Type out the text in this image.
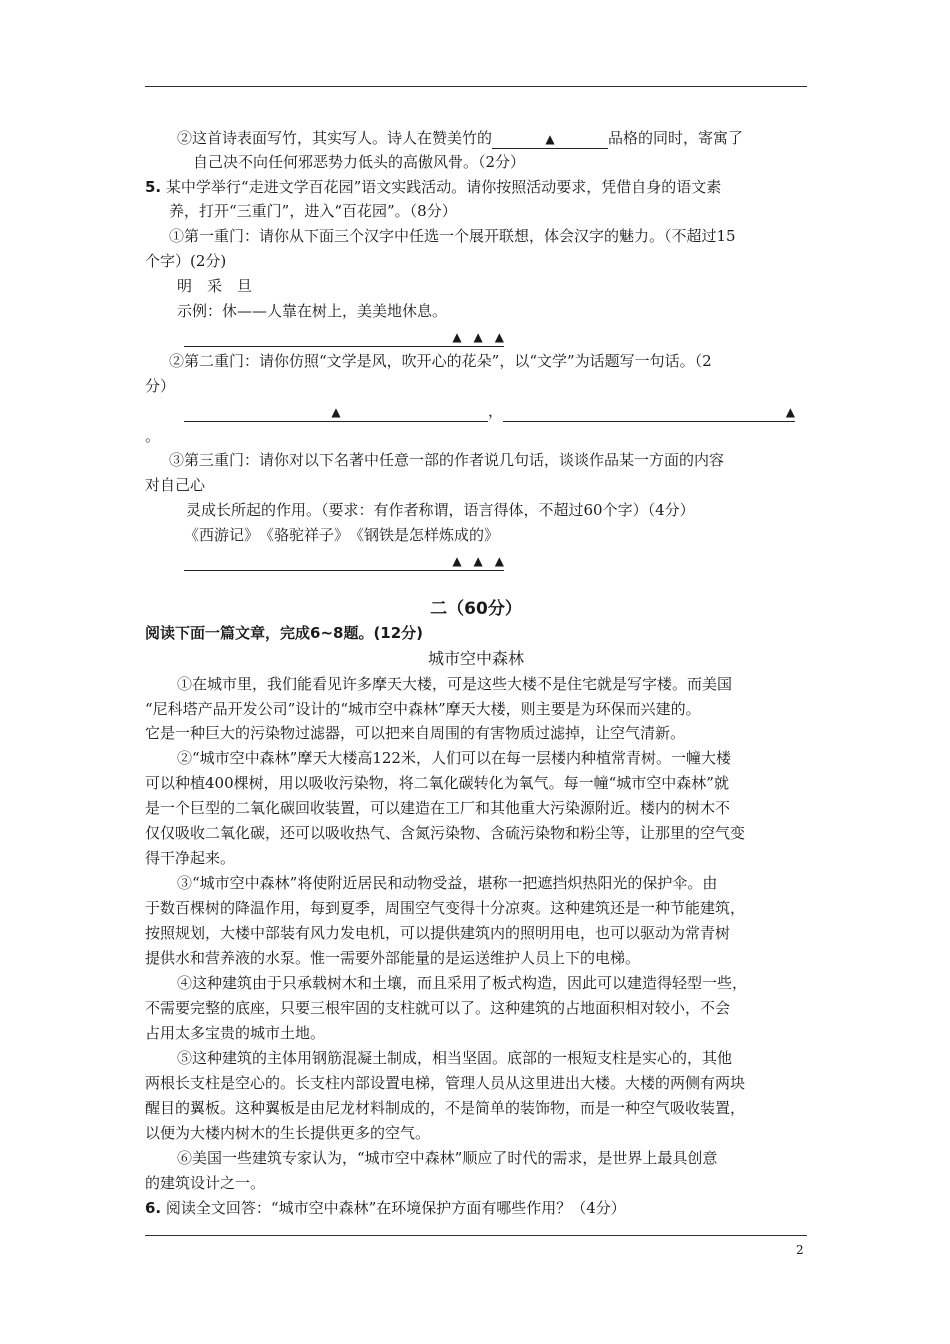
②这首诗表面写竹，其实写人。诗人在赞美竹的	▲	品格的同时，寄寓了
自己决不向任何邪恶势力低头的高傲风骨。（2分）
5. 某中学举行“走进文学百花园”语文实践活动。请你按照活动要求，凭借自身的语文素
养，打开“三重门”，进入“百花园”。（8分）
①第一重门：请你从下面三个汉字中任选一个展开联想，体会汉字的魅力。（不超过15
个字）(2分)
明　采　旦
示例：休——人靠在树上，美美地休息。
▲　▲　▲
②第二重门：请你仿照“文学是风，吹开心的花朵”，以“文学”为话题写一句话。（2
分）
▲	，	▲
。
③第三重门：请你对以下名著中任意一部的作者说几句话，谈谈作品某一方面的内容
对自己心
灵成长所起的作用。（要求：有作者称谓，语言得体，不超过60个字）（4分）
《西游记》　《骆驼祥子》　《钢铁是怎样炼成的》
▲　▲　▲
二（60分）
阅读下面一篇文章，完成6~8题。(12分)
城市空中森林
①在城市里，我们能看见许多摩天大楼，可是这些大楼不是住宅就是写字楼。而美国
“尼科塔产品开发公司”设计的“城市空中森林”摩天大楼，则主要是为环保而兴建的。
它是一种巨大的污染物过滤器，可以把来自周围的有害物质过滤掉，让空气清新。
②“城市空中森林”摩天大楼高122米，人们可以在每一层楼内种植常青树。一幢大楼
可以种植400棵树，用以吸收污染物，将二氧化碳转化为氧气。每一幢“城市空中森林”就
是一个巨型的二氧化碳回收装置，可以建造在工厂和其他重大污染源附近。楼内的树木不
仅仅吸收二氧化碳，还可以吸收热气、含氮污染物、含硫污染物和粉尘等，让那里的空气变
得干净起来。
③“城市空中森林”将使附近居民和动物受益，堪称一把遮挡炽热阳光的保护伞。由
于数百棵树的降温作用，每到夏季，周围空气变得十分凉爽。这种建筑还是一种节能建筑，
按照规划，大楼中部装有风力发电机，可以提供建筑内的照明用电，也可以驱动为常青树
提供水和营养液的水泵。惟一需要外部能量的是运送维护人员上下的电梯。
④这种建筑由于只承载树木和土壤，而且采用了板式构造，因此可以建造得轻型一些，
不需要完整的底座，只要三根牢固的支柱就可以了。这种建筑的占地面积相对较小，不会
占用太多宝贵的城市土地。
⑤这种建筑的主体用钢筋混凝土制成，相当坚固。底部的一根短支柱是实心的，其他
两根长支柱是空心的。长支柱内部设置电梯，管理人员从这里进出大楼。大楼的两侧有两块
醒目的翼板。这种翼板是由尼龙材料制成的，不是简单的装饰物，而是一种空气吸收装置，
以便为大楼内树木的生长提供更多的空气。
⑥美国一些建筑专家认为，“城市空中森林”顺应了时代的需求，是世界上最具创意
的建筑设计之一。
6. 阅读全文回答：“城市空中森林”在环境保护方面有哪些作用？（4分）
2
